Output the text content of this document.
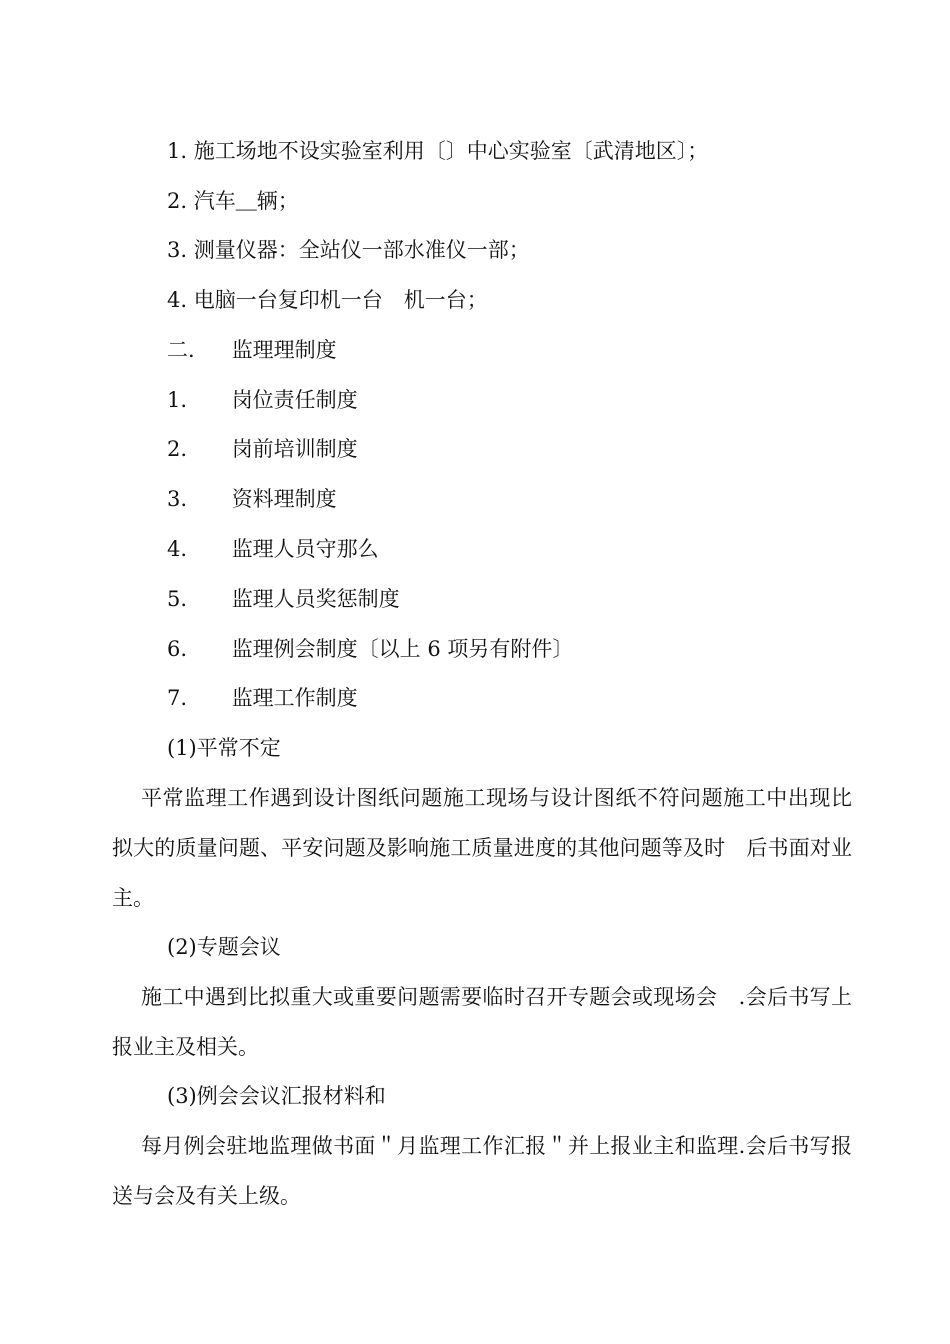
1. 施工场地不设实验室利用〔〕中心实验室〔武清地区〕；
2. 汽车＿辆；
3. 测量仪器：全站仪一部水准仪一部；
4. 电脑一台复印机一台　机一台；
二. 监理理制度
1. 岗位责任制度
2. 岗前培训制度
3. 资料理制度
4. 监理人员守那么
5. 监理人员奖惩制度
6. 监理例会制度〔以上 6 项另有附件〕
7. 监理工作制度
(1)平常不定
平常监理工作遇到设计图纸问题施工现场与设计图纸不符问题施工中出现比拟大的质量问题、平安问题及影响施工质量进度的其他问题等及时　后书面对业主。
(2)专题会议
施工中遇到比拟重大或重要问题需要临时召开专题会或现场会　.会后书写上报业主及相关。
(3)例会会议汇报材料和
每月例会驻地监理做书面＂月监理工作汇报＂并上报业主和监理.会后书写报送与会及有关上级。
